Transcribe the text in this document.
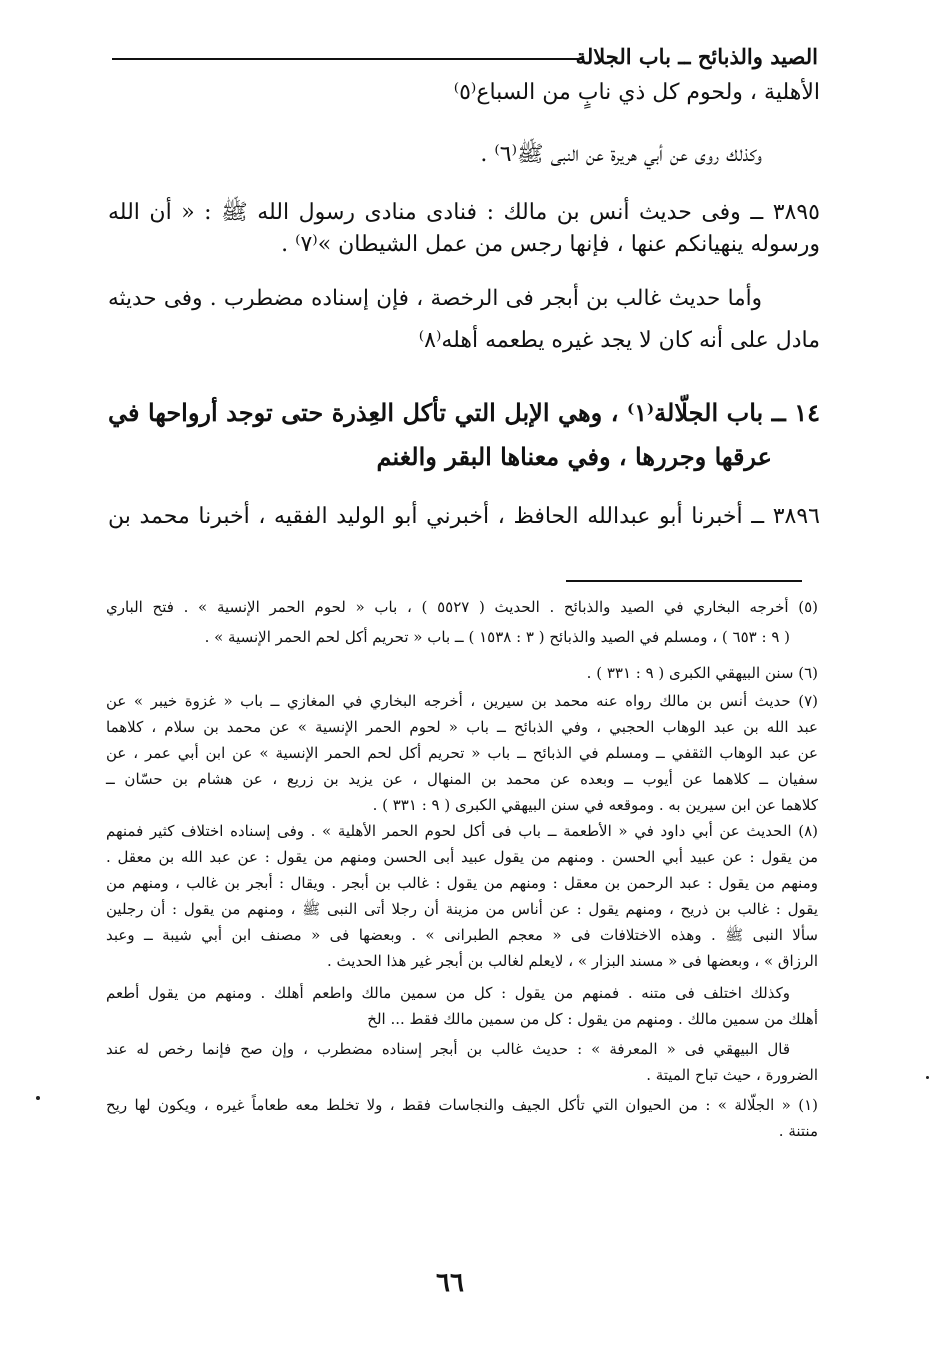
الصيد والذبائح ــ باب الجلالة
الأهلية ، ولحوم كل ذي نابٍ من السباع⁽٥⁾
وكذلك روى عن أبي هريرة عن النبى ﷺ⁽٦⁾ .
٣٨٩٥ ــ وفى حديث أنس بن مالك : فنادى منادى رسول الله ﷺ : « أن الله
ورسوله ينهيانكم عنها ، فإنها رجس من عمل الشيطان »⁽٧⁾ .
وأما حديث غالب بن أبجر فى الرخصة ، فإن إسناده مضطرب . وفى حديثه
مادل على أنه كان لا يجد غيره يطعمه أهله⁽٨⁾
١٤ ــ باب الجلّالة⁽١⁾ ، وهي الإبل التي تأكل العِذرة حتى توجد أرواحها في
عرقها وجررها ، وفي معناها البقر والغنم
٣٨٩٦ ــ أخبرنا أبو عبدالله الحافظ ، أخبرني أبو الوليد الفقيه ، أخبرنا محمد بن
(٥) أخرجه البخاري في الصيد والذبائح . الحديث ( ٥٥٢٧ ) ، باب « لحوم الحمر الإنسية » . فتح الباري
( ٩ : ٦٥٣ ) ، ومسلم في الصيد والذبائح ( ٣ : ١٥٣٨ ) ــ باب « تحريم أكل لحم الحمر الإنسية » .
(٦) سنن البيهقي الكبرى ( ٩ : ٣٣١ ) .
(٧) حديث أنس بن مالك رواه عنه محمد بن سيرين ، أخرجه البخاري في المغازي ــ باب « غزوة خيبر » عن
عبد الله بن عبد الوهاب الحجبي ، وفي الذبائح ــ باب « لحوم الحمر الإنسية » عن محمد بن سلام ، كلاهما
عن عبد الوهاب الثقفي ــ ومسلم في الذبائح ــ باب « تحريم أكل لحم الحمر الإنسية » عن ابن أبي عمر ، عن
سفيان ــ كلاهما عن أيوب ــ وبعده عن محمد بن المنهال ، عن يزيد بن زريع ، عن هشام بن حسّان ــ
كلاهما عن ابن سيرين به . وموقعه في سنن البيهقي الكبرى ( ٩ : ٣٣١ ) .
(٨) الحديث عن أبي داود في « الأطعمة ــ باب فى أكل لحوم الحمر الأهلية » . وفى إسناده اختلاف كثير فمنهم
من يقول : عن عبيد أبي الحسن . ومنهم من يقول عبيد أبى الحسن ومنهم من يقول : عن عبد الله بن معقل .
ومنهم من يقول : عبد الرحمن بن معقل : ومنهم من يقول : غالب بن أبجر . ويقال : أبجر بن غالب ، ومنهم من
يقول : غالب بن ذريح ، ومنهم يقول : عن أناس من مزينة أن رجلا أتى النبى ﷺ ، ومنهم من يقول : أن رجلين
سألا النبى ﷺ . وهذه الاختلافات فى « معجم الطبرانى » . وبعضها فى « مصنف ابن أبي شيبة ــ وعبد
الرزاق » ، وبعضها فى « مسند البزار » ، لايعلم لغالب بن أبجر غير هذا الحديث .
وكذلك اختلف فى متنه . فمنهم من يقول : كل من سمين مالك واطعم أهلك . ومنهم من يقول أطعم
أهلك من سمين مالك . ومنهم من يقول : كل من سمين مالك فقط ... الخ
قال البيهقي فى « المعرفة » : حديث غالب بن أبجر إسناده مضطرب ، وإن صح فإنما رخص له عند
الضرورة ، حيث تباح الميتة .
(١) « الجلّالة » : من الحيوان التي تأكل الجيف والنجاسات فقط ، ولا تخلط معه طعاماً غيره ، ويكون لها ريح
منتنة .
٦٦
